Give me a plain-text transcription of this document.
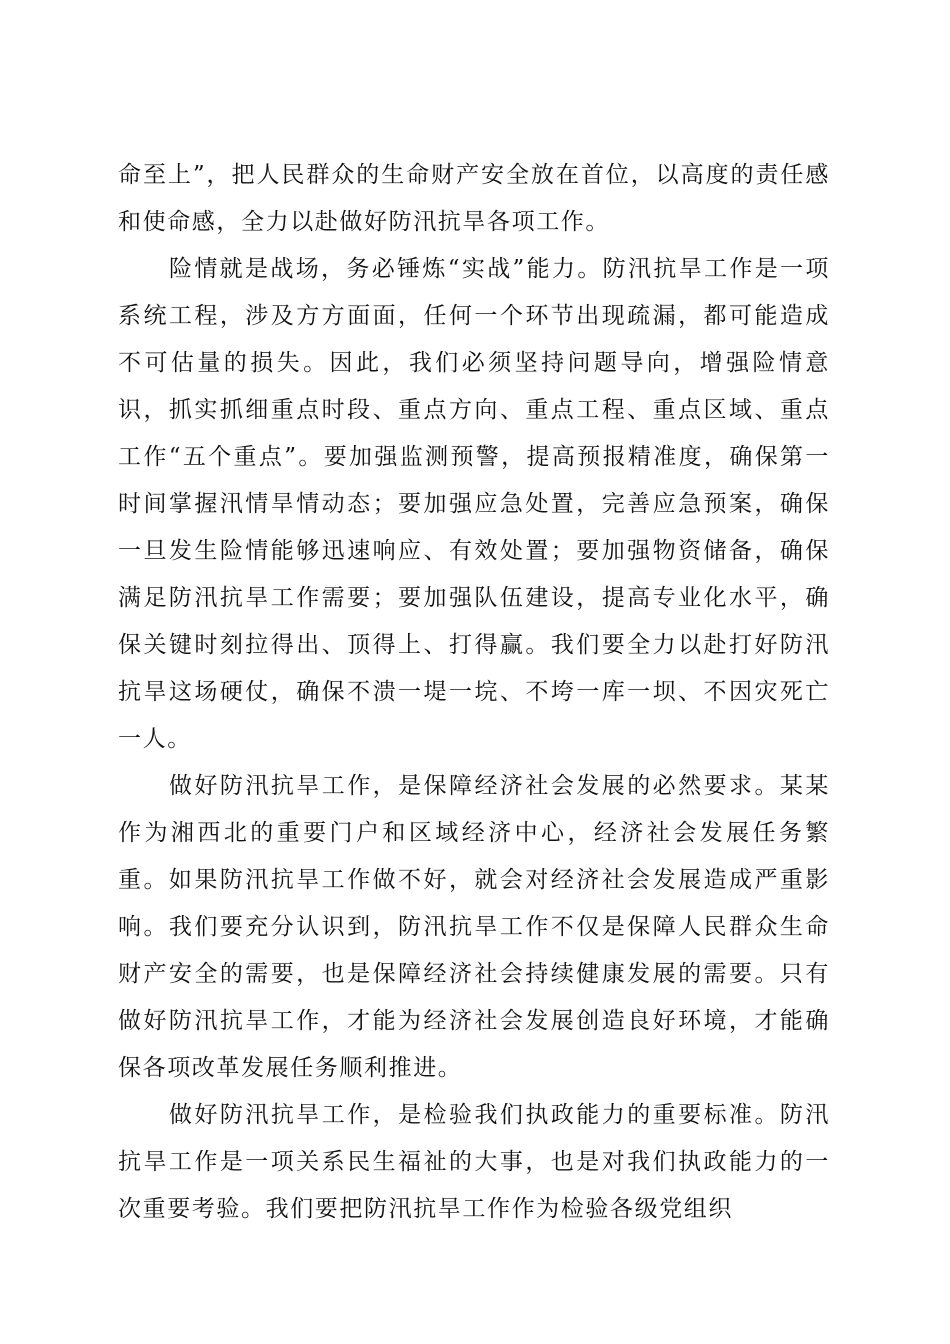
命至上”，把人民群众的生命财产安全放在首位，以高度的责任感和使命感，全力以赴做好防汛抗旱各项工作。

险情就是战场，务必锤炼“实战”能力。防汛抗旱工作是一项系统工程，涉及方方面面，任何一个环节出现疏漏，都可能造成不可估量的损失。因此，我们必须坚持问题导向，增强险情意识，抓实抓细重点时段、重点方向、重点工程、重点区域、重点工作“五个重点”。要加强监测预警，提高预报精准度，确保第一时间掌握汛情旱情动态；要加强应急处置，完善应急预案，确保一旦发生险情能够迅速响应、有效处置；要加强物资储备，确保满足防汛抗旱工作需要；要加强队伍建设，提高专业化水平，确保关键时刻拉得出、顶得上、打得赢。我们要全力以赴打好防汛抗旱这场硬仗，确保不溃一堤一垸、不垮一库一坝、不因灾死亡一人。

做好防汛抗旱工作，是保障经济社会发展的必然要求。某某作为湘西北的重要门户和区域经济中心，经济社会发展任务繁重。如果防汛抗旱工作做不好，就会对经济社会发展造成严重影响。我们要充分认识到，防汛抗旱工作不仅是保障人民群众生命财产安全的需要，也是保障经济社会持续健康发展的需要。只有做好防汛抗旱工作，才能为经济社会发展创造良好环境，才能确保各项改革发展任务顺利推进。

做好防汛抗旱工作，是检验我们执政能力的重要标准。防汛抗旱工作是一项关系民生福祉的大事，也是对我们执政能力的一次重要考验。我们要把防汛抗旱工作作为检验各级党组织
